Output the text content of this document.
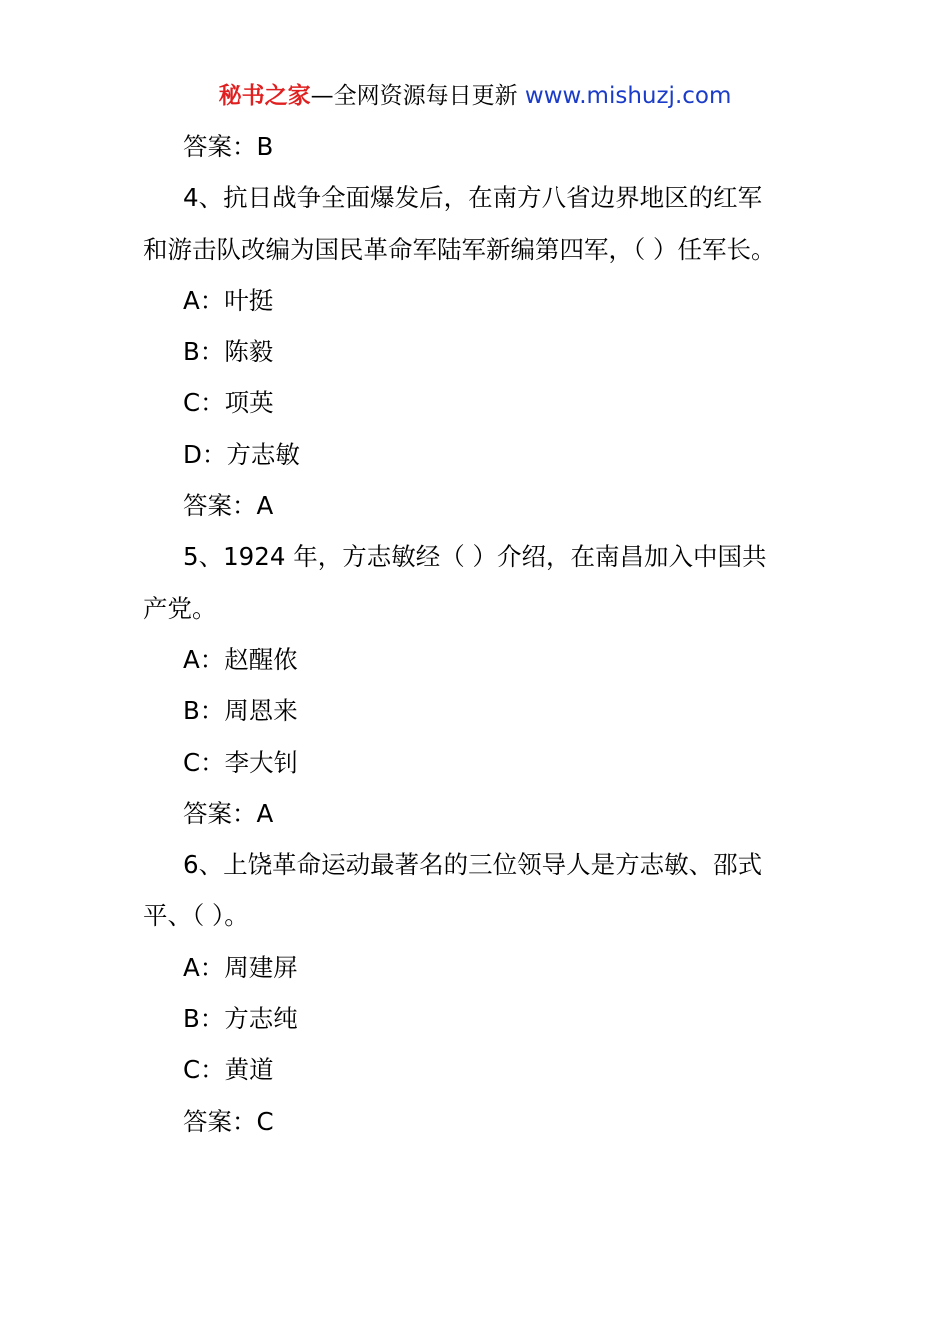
秘书之家—全网资源每日更新 www.mishuzj.com

答案：B

4、抗日战争全面爆发后，在南方八省边界地区的红军

和游击队改编为国民革命军陆军新编第四军，（ ）任军长。

A：叶挺

B：陈毅

C：项英

D：方志敏

答案：A

5、1924 年，方志敏经（ ）介绍，在南昌加入中国共

产党。

A：赵醒侬

B：周恩来

C：李大钊

答案：A

6、上饶革命运动最著名的三位领导人是方志敏、邵式

平、（ ）。

A：周建屏

B：方志纯

C：黄道

答案：C
